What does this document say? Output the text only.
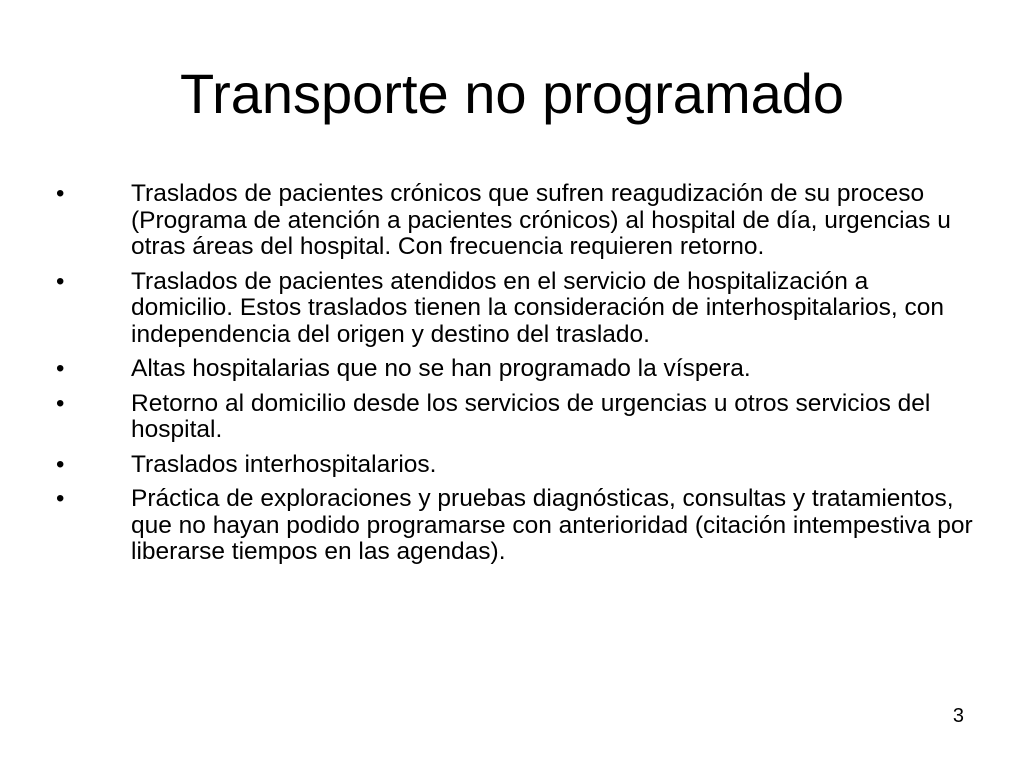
Transporte no programado
•	Traslados de pacientes crónicos que sufren reagudización de su proceso (Programa de atención a pacientes crónicos) al hospital de día, urgencias u otras áreas del hospital. Con frecuencia requieren retorno.
•	Traslados de pacientes atendidos en el servicio de hospitalización a domicilio. Estos traslados tienen la consideración de interhospitalarios, con independencia del origen y destino del traslado.
•	Altas hospitalarias que no se han programado la víspera.
•	Retorno al domicilio desde los servicios de urgencias u otros servicios del hospital.
•	Traslados interhospitalarios.
•	Práctica de exploraciones y pruebas diagnósticas, consultas y tratamientos, que no hayan podido programarse con anterioridad (citación intempestiva por liberarse tiempos en las agendas).
3
